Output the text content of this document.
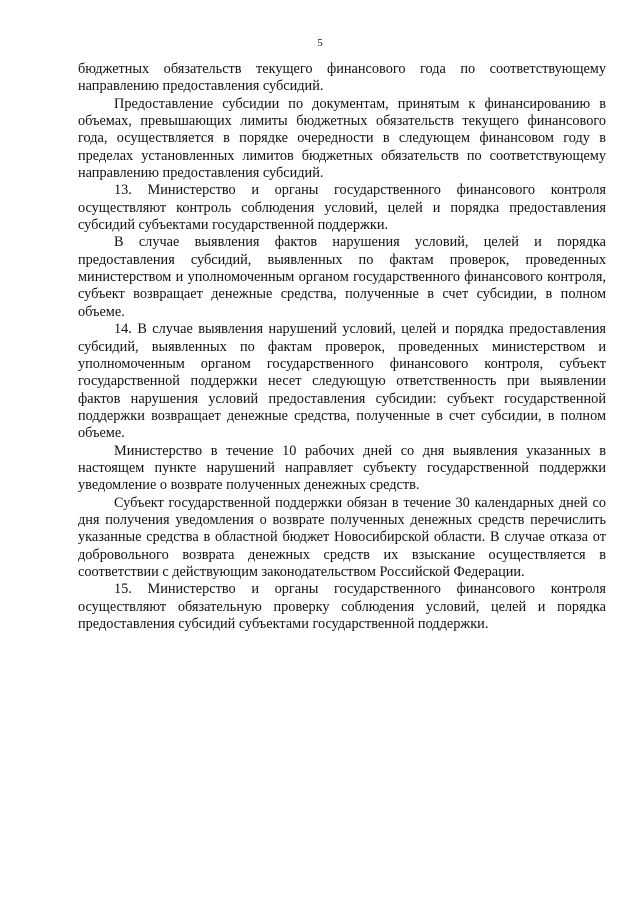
5

бюджетных обязательств текущего финансового года по соответствующему направлению предоставления субсидий.

Предоставление субсидии по документам, принятым к финансированию в объемах, превышающих лимиты бюджетных обязательств текущего финансового года, осуществляется в порядке очередности в следующем финансовом году в пределах установленных лимитов бюджетных обязательств по соответствующему направлению предоставления субсидий.

13. Министерство и органы государственного финансового контроля осуществляют контроль соблюдения условий, целей и порядка предоставления субсидий субъектами государственной поддержки.

В случае выявления фактов нарушения условий, целей и порядка предоставления субсидий, выявленных по фактам проверок, проведенных министерством и уполномоченным органом государственного финансового контроля, субъект возвращает денежные средства, полученные в счет субсидии, в полном объеме.

14. В случае выявления нарушений условий, целей и порядка предоставления субсидий, выявленных по фактам проверок, проведенных министерством и уполномоченным органом государственного финансового контроля, субъект государственной поддержки несет следующую ответственность при выявлении фактов нарушения условий предоставления субсидии: субъект государственной поддержки возвращает денежные средства, полученные в счет субсидии, в полном объеме.

Министерство в течение 10 рабочих дней со дня выявления указанных в настоящем пункте нарушений направляет субъекту государственной поддержки уведомление о возврате полученных денежных средств.

Субъект государственной поддержки обязан в течение 30 календарных дней со дня получения уведомления о возврате полученных денежных средств перечислить указанные средства в областной бюджет Новосибирской области. В случае отказа от добровольного возврата денежных средств их взыскание осуществляется в соответствии с действующим законодательством Российской Федерации.

15. Министерство и органы государственного финансового контроля осуществляют обязательную проверку соблюдения условий, целей и порядка предоставления субсидий субъектами государственной поддержки.
